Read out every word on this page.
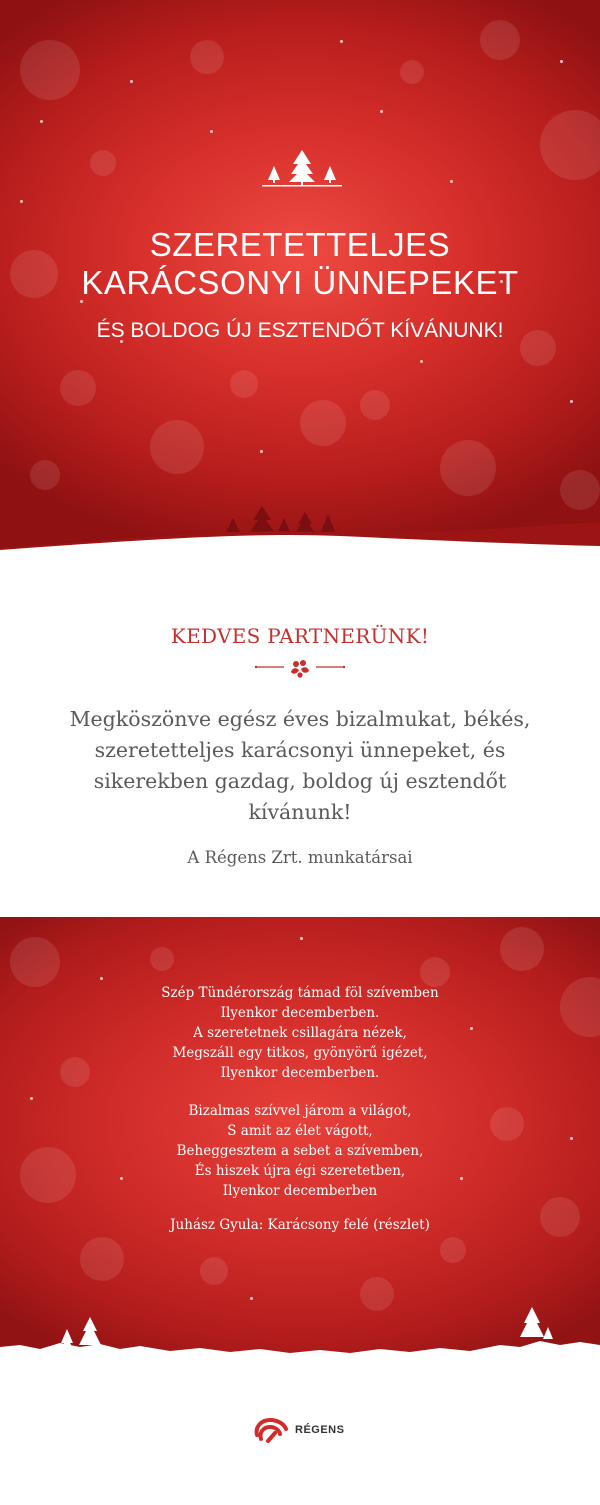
SZERETETTELJES
KARÁCSONYI ÜNNEPEKET
ÉS BOLDOG ÚJ ESZTENDŐT KÍVÁNUNK!
KEDVES PARTNERÜNK!
Megköszönve egész éves bizalmukat, békés,
szeretetteljes karácsonyi ünnepeket, és
sikerekben gazdag, boldog új esztendőt
kívánunk!
A Régens Zrt. munkatársai
Szép Tündérország támad föl szívemben
Ilyenkor decemberben.
A szeretetnek csillagára nézek,
Megszáll egy titkos, gyönyörű igézet,
Ilyenkor decemberben.
Bizalmas szívvel járom a világot,
S amit az élet vágott,
Beheggesztem a sebet a szívemben,
És hiszek újra égi szeretetben,
Ilyenkor decemberben
Juhász Gyula: Karácsony felé (részlet)
RÉGENS
